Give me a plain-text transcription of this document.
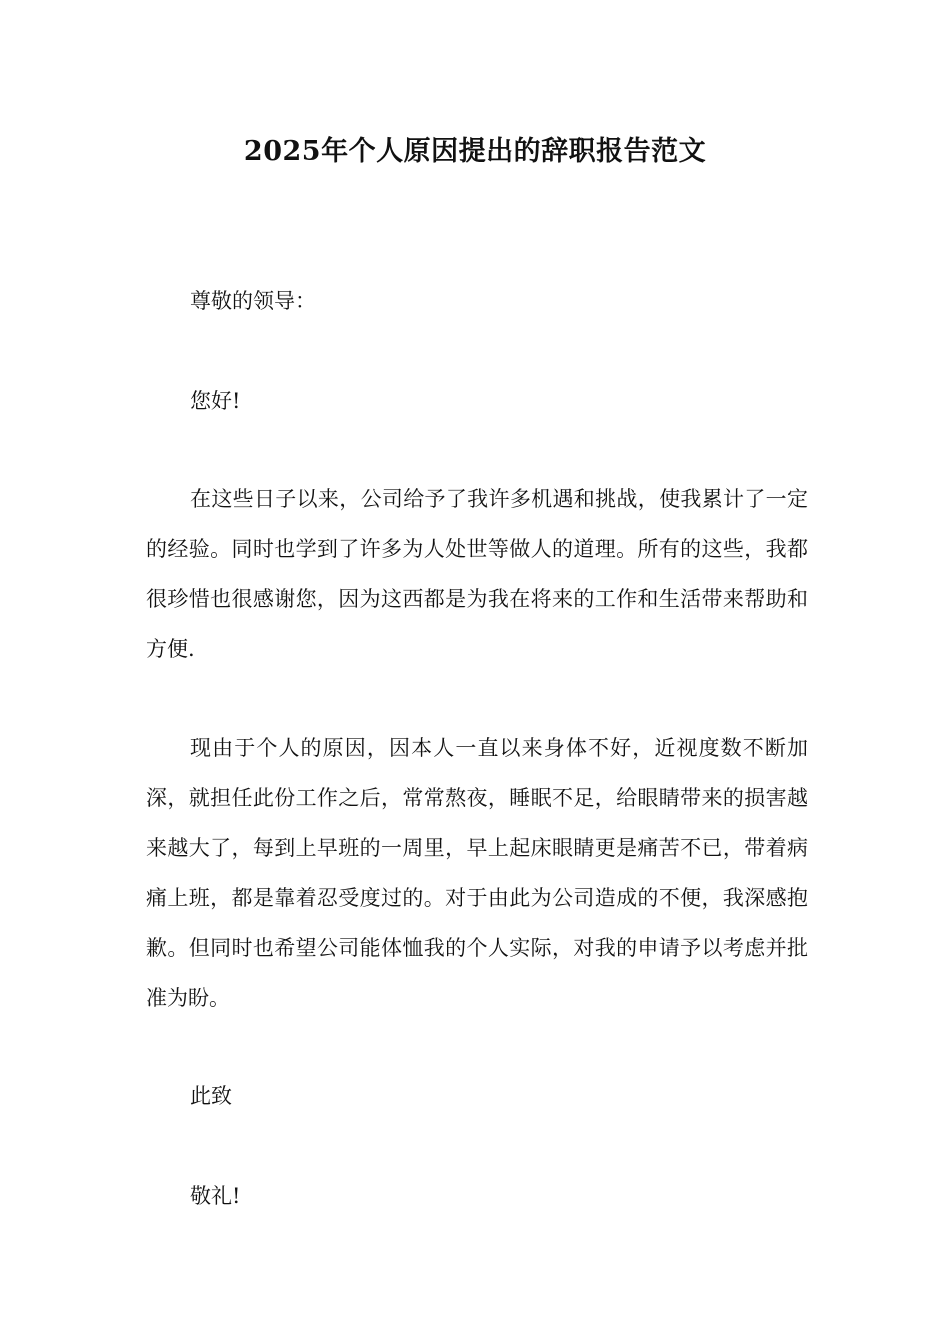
2025年个人原因提出的辞职报告范文

尊敬的领导：

您好!

在这些日子以来，公司给予了我许多机遇和挑战，使我累计了一定的经验。同时也学到了许多为人处世等做人的道理。所有的这些，我都很珍惜也很感谢您，因为这西都是为我在将来的工作和生活带来帮助和方便.

现由于个人的原因，因本人一直以来身体不好，近视度数不断加深，就担任此份工作之后，常常熬夜，睡眠不足，给眼睛带来的损害越来越大了，每到上早班的一周里，早上起床眼睛更是痛苦不已，带着病痛上班，都是靠着忍受度过的。对于由此为公司造成的不便，我深感抱歉。但同时也希望公司能体恤我的个人实际，对我的申请予以考虑并批准为盼。

此致

敬礼!
